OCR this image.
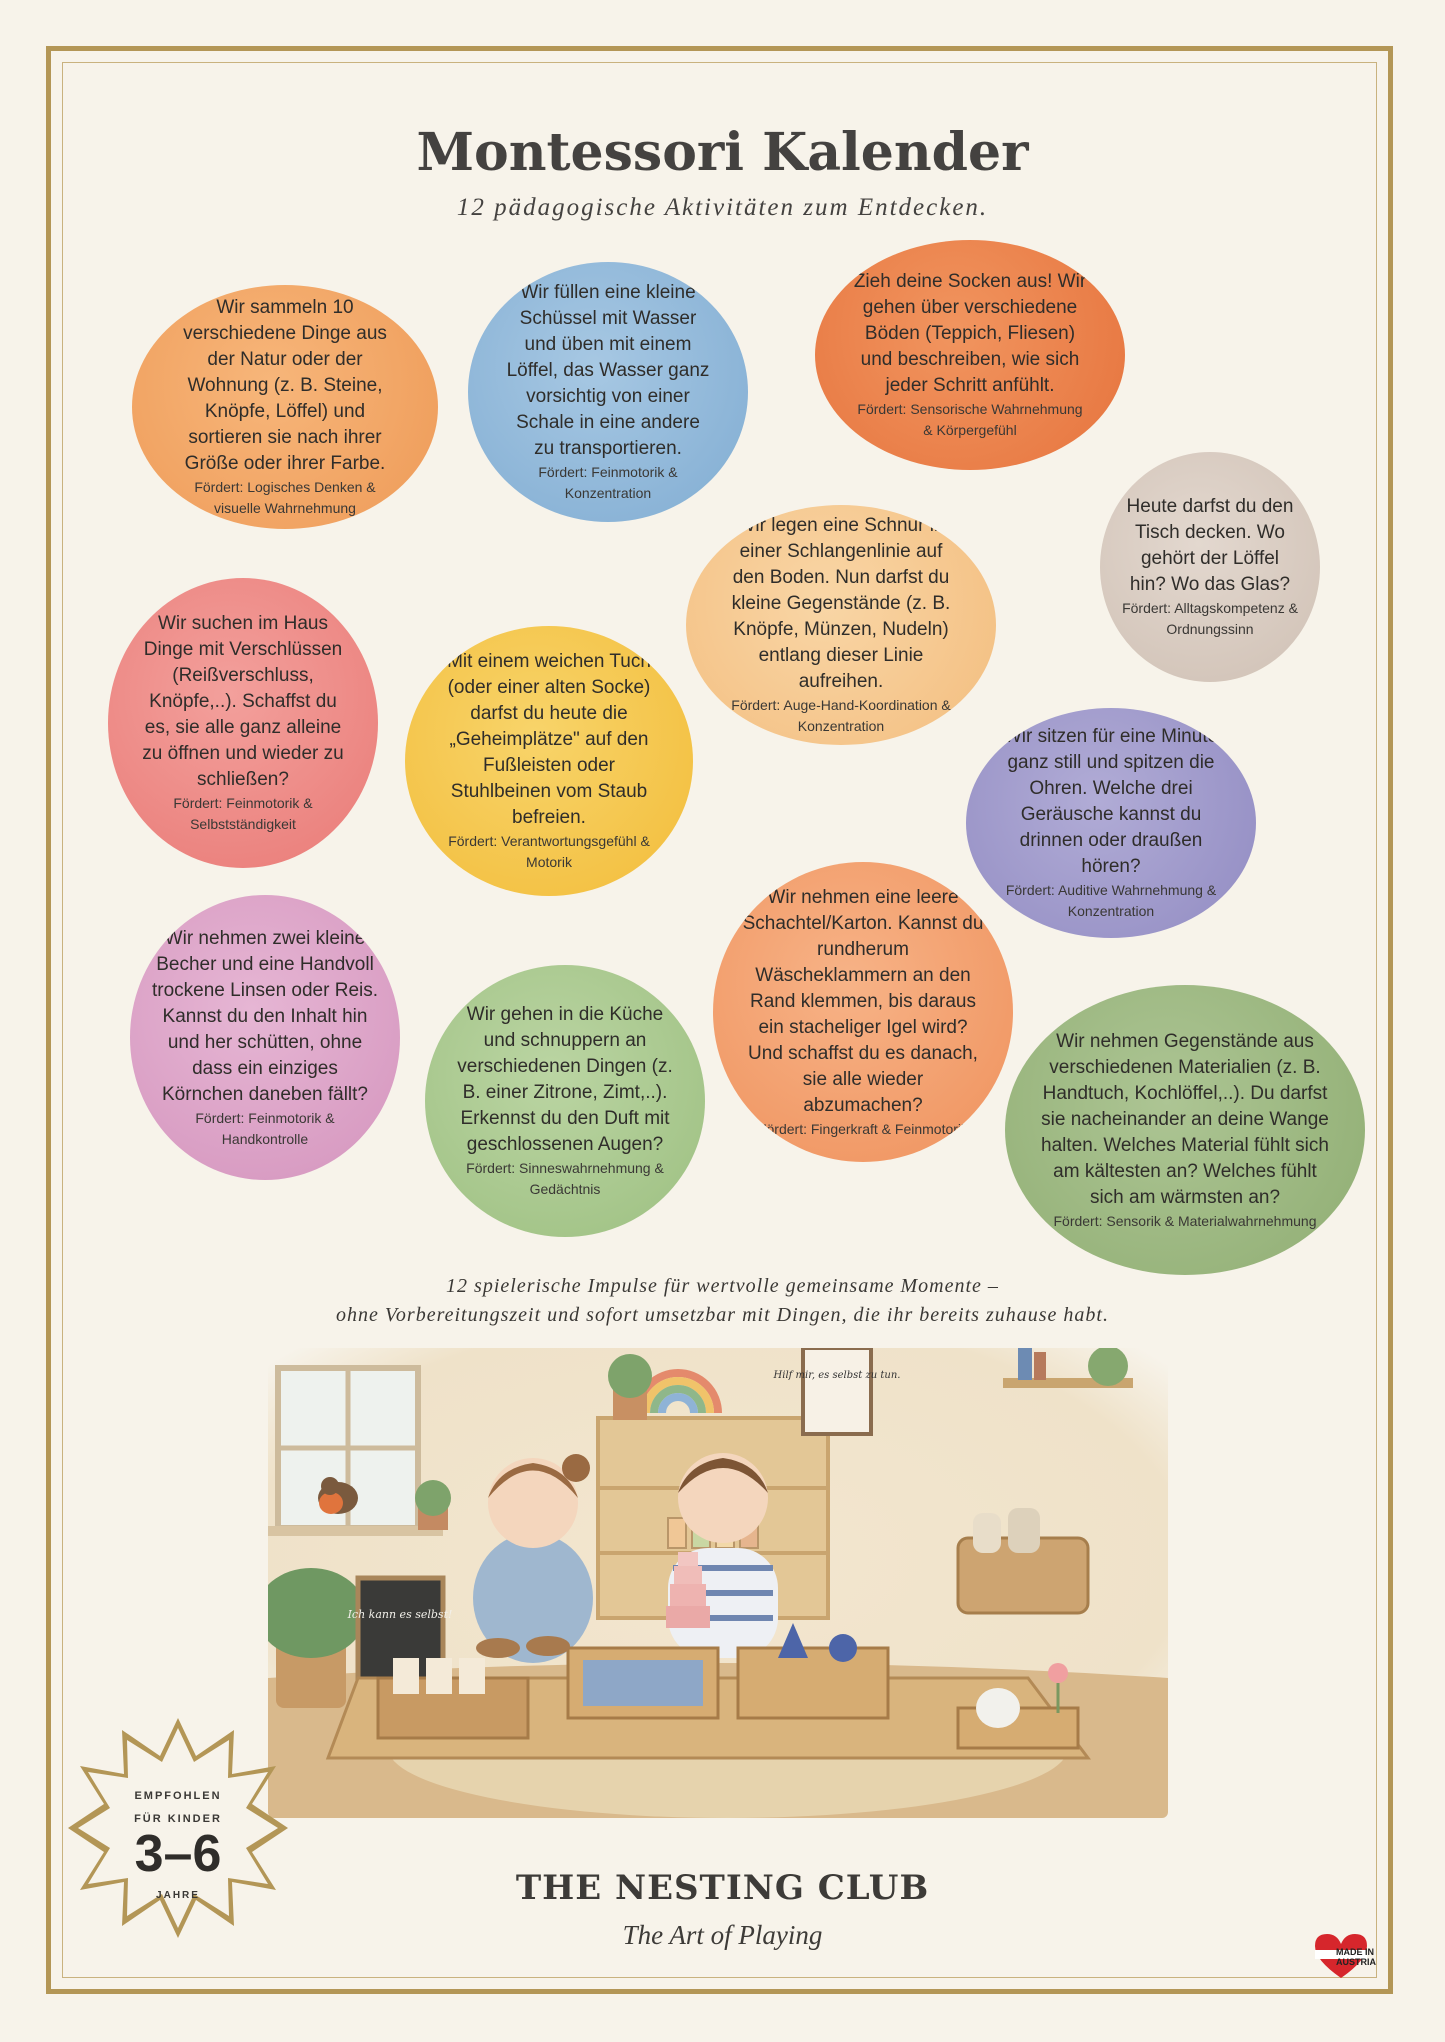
Montessori Kalender
12 pädagogische Aktivitäten zum Entdecken.
Wir sammeln 10 verschiedene Dinge aus der Natur oder der Wohnung (z. B. Steine, Knöpfe, Löffel) und sortieren sie nach ihrer Größe oder ihrer Farbe.
Fördert: Logisches Denken & visuelle Wahrnehmung
Wir füllen eine kleine Schüssel mit Wasser und üben mit einem Löffel, das Wasser ganz vorsichtig von einer Schale in eine andere zu transportieren.
Fördert: Feinmotorik & Konzentration
Zieh deine Socken aus! Wir gehen über verschiedene Böden (Teppich, Fliesen) und beschreiben, wie sich jeder Schritt anfühlt.
Fördert: Sensorische Wahrnehmung & Körpergefühl
Heute darfst du den Tisch decken. Wo gehört der Löffel hin? Wo das Glas?
Fördert: Alltagskompetenz & Ordnungssinn
Wir legen eine Schnur in einer Schlangenlinie auf den Boden. Nun darfst du kleine Gegenstände (z. B. Knöpfe, Münzen, Nudeln) entlang dieser Linie aufreihen.
Fördert: Auge-Hand-Koordination & Konzentration
Wir suchen im Haus Dinge mit Verschlüssen (Reißverschluss, Knöpfe,..). Schaffst du es, sie alle ganz alleine zu öffnen und wieder zu schließen?
Fördert: Feinmotorik & Selbstständigkeit
Mit einem weichen Tuch (oder einer alten Socke) darfst du heute die „Geheimplätze" auf den Fußleisten oder Stuhlbeinen vom Staub befreien.
Fördert: Verantwortungsgefühl & Motorik
Wir sitzen für eine Minute ganz still und spitzen die Ohren. Welche drei Geräusche kannst du drinnen oder draußen hören?
Fördert: Auditive Wahrnehmung & Konzentration
Wir nehmen eine leere Schachtel/Karton. Kannst du rundherum Wäscheklammern an den Rand klemmen, bis daraus ein stacheliger Igel wird? Und schaffst du es danach, sie alle wieder abzumachen?
Fördert: Fingerkraft & Feinmotorik
Wir nehmen zwei kleine Becher und eine Handvoll trockene Linsen oder Reis. Kannst du den Inhalt hin und her schütten, ohne dass ein einziges Körnchen daneben fällt?
Fördert: Feinmotorik & Handkontrolle
Wir gehen in die Küche und schnuppern an verschiedenen Dingen (z. B. einer Zitrone, Zimt,..). Erkennst du den Duft mit geschlossenen Augen?
Fördert: Sinneswahrnehmung & Gedächtnis
Wir nehmen Gegenstände aus verschiedenen Materialien (z. B. Handtuch, Kochlöffel,..). Du darfst sie nacheinander an deine Wange halten. Welches Material fühlt sich am kältesten an? Welches fühlt sich am wärmsten an?
Fördert: Sensorik & Materialwahrnehmung
12 spielerische Impulse für wertvolle gemeinsame Momente –
ohne Vorbereitungszeit und sofort umsetzbar mit Dingen, die ihr bereits zuhause habt.
Hilf mir, es selbst zu tun.
Ich kann es selbst!
EMPFOHLEN
FÜR KINDER
3–6
JAHRE	THE NESTING CLUB
The Art of Playing
MADE IN
AUSTRIA
